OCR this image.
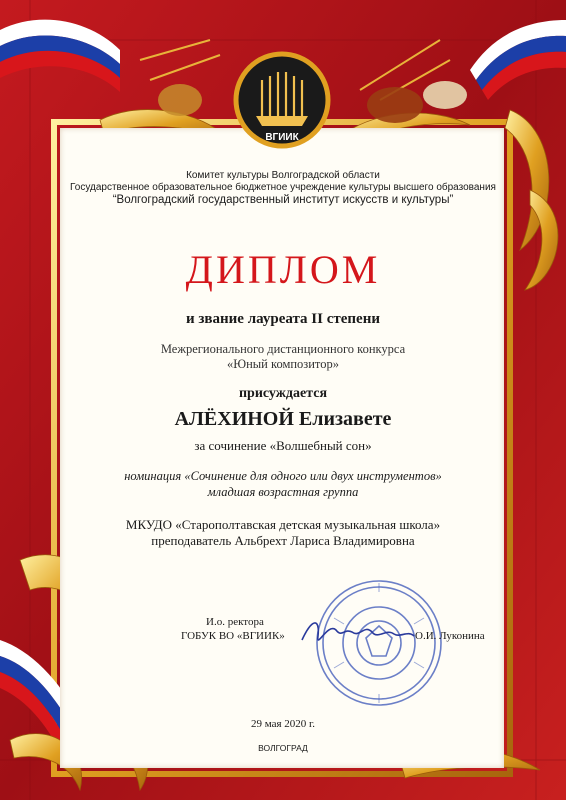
ВГИИК
Комитет культуры Волгоградской области
Государственное образовательное бюджетное учреждение культуры высшего образования
“Волгоградский государственный институт искусств и культуры”
ДИПЛОМ
и звание лауреата II степени
Межрегионального дистанционного конкурса
«Юный композитор»
присуждается
АЛЁХИНОЙ Елизавете
за сочинение «Волшебный сон»
номинация «Сочинение для одного или двух инструментов»
младшая возрастная группа
МКУДО «Старополтавская детская музыкальная школа»
преподаватель Альбрехт Лариса Владимировна
И.о. ректора
ГОБУК ВО «ВГИИК»	О.И. Луконина
29 мая 2020 г.
ВОЛГОГРАД
